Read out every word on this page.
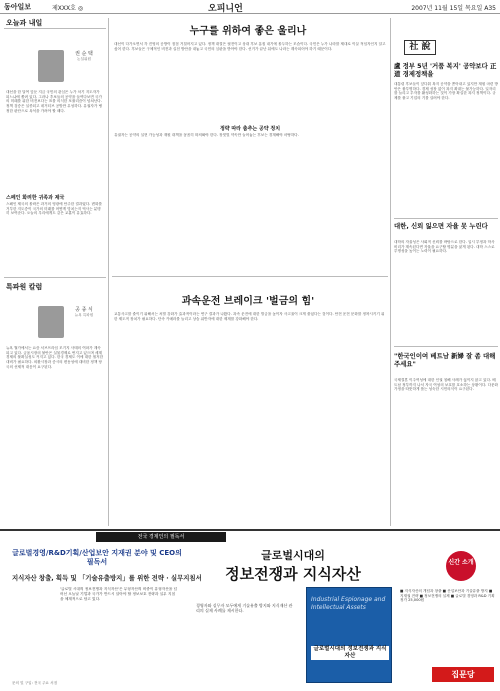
동아일보	제XXX호 ◎	오피니언	2007년 11월 15일 목요일 A35
오늘과 내일
권 순 택
논설위원
대선을 한 달여 앞둔 지금 국민의 관심은 누가 차기 지도자가 되느냐에 쏠려 있다. 그러나 후보들의 공약을 들여다보면 국가의 미래를 위한 비전보다는 표를 의식한 포퓰리즘이 넘쳐난다. 정책 검증은 실종되고 네거티브 공방만 무성하다. 유권자가 냉정한 판단으로 옥석을 가려야 할 때다.
스페인 화려한 귀족과 제국
스페인 제국의 몰락은 과거의 영광에 안주한 결과였다. 변화를 거부한 지도층이 국가의 미래를 어떻게 망치는지 역사는 분명히 보여준다. 오늘의 우리에게도 같은 교훈이 유효하다.
특파원 칼럼
공 종 식
뉴욕 특파원
뉴욕 월가에서는 요즘 서브프라임 모기지 사태의 여파가 계속되고 있다. 금융시장의 불안은 실물경제로 번지고 있으며 세계 경제의 불확실성도 커지고 있다. 한국 경제도 이에 대한 철저한 대비가 필요하다. 외환시장과 증시의 변동성에 대비한 정책 당국의 선제적 대응이 요구된다.
누구를 위하여 좋은 울리나
대선이 다가오면서 각 진영의 공방이 점점 거칠어지고 있다. 정책 대결은 뒷전이고 상대 후보 흠집 내기에 몰두하는 모습이다. 국민은 누가 나라를 제대로 이끌 적임자인지 알고 싶어 한다. 후보들은 구체적인 비전과 실천 방안을 내놓고 국민의 심판을 받아야 한다. 선거가 끝난 뒤에도 나라는 계속되어야 하기 때문이다.
정략 따라 춤추는 공약 정치
유권자는 공약의 실현 가능성과 재원 대책을 꼼꼼히 따져봐야 한다. 장밋빛 약속만 늘어놓는 후보는 경계해야 마땅하다.
과속운전 브레이크 '벌금의 힘'
교통사고를 줄이기 위해서는 처벌 강화가 효과적이라는 연구 결과가 나왔다. 과속 운전에 대한 벌금을 높이자 사고율이 크게 줄었다는 것이다. 안전 운전 문화를 정착시키기 위한 제도적 장치가 필요하다. 단속 카메라를 늘리고 상습 위반자에 대한 제재를 강화해야 한다.
社 說
盧 정부 5년 '거품 복지' 공약보다 正道 경제정책을
대통령 후보들이 앞다퉈 복지 공약을 쏟아내고 있지만 재원 마련 방안은 불투명하다. 경제 성장 없이 복지 확대는 불가능하다. 일자리를 늘리고 투자를 활성화하는 것이 가장 확실한 복지 정책이다. 규제를 풀고 기업의 기를 살려야 한다.
대한, 신뢰 잃으면 자율 못 누린다
대학의 자율성은 사회적 신뢰를 바탕으로 한다. 입시 부정과 학사 비리가 계속된다면 자율을 요구할 명분을 잃게 된다. 대학 스스로 투명성을 높이는 노력이 필요하다.
"한국인이여 베트남 新婦 잘 좀 대해 주세요"
국제결혼 이주여성에 대한 인권 침해 사례가 끊이지 않고 있다. 베트남 정부까지 나서 자국 여성의 보호를 호소하는 상황이다. 다문화 가정을 따뜻하게 품는 성숙한 시민의식이 요구된다.
전국 경제인의 필독서
글로벌경영/R&D기획/산업보안 지재권 분야 및 CEO의 필독서	글로벌시대의
정보전쟁과 지식자산
지식자산 창출, 획득 및 「기술유출방지」를 위한 전략 · 실무지침서
'글로벌 시대의 정보전쟁과 지식자산'은 무형자산의 비중이 유형자산을 넘어선 오늘날 기업과 국가가 반드시 알아야 할 정보보호 전략과 실무 지침을 체계적으로 담고 있다.
경영자와 실무자 모두에게 기술유출 방지와 지식재산 관리의 실제 사례를 제시한다.
Industrial Espionage and Intellectual Assets
글로벌시대의 정보전쟁과 지식자산
신간 소개
■ 지식자산의 개념과 창출 ■ 산업보안과 기술유출 방지 ■ 지재권 전략 ■ 정보전쟁의 실제 ■ 글로벌 경영과 R&D 기획 정가 25,000원
집문당
문의 및 구입: 전국 주요 서점
